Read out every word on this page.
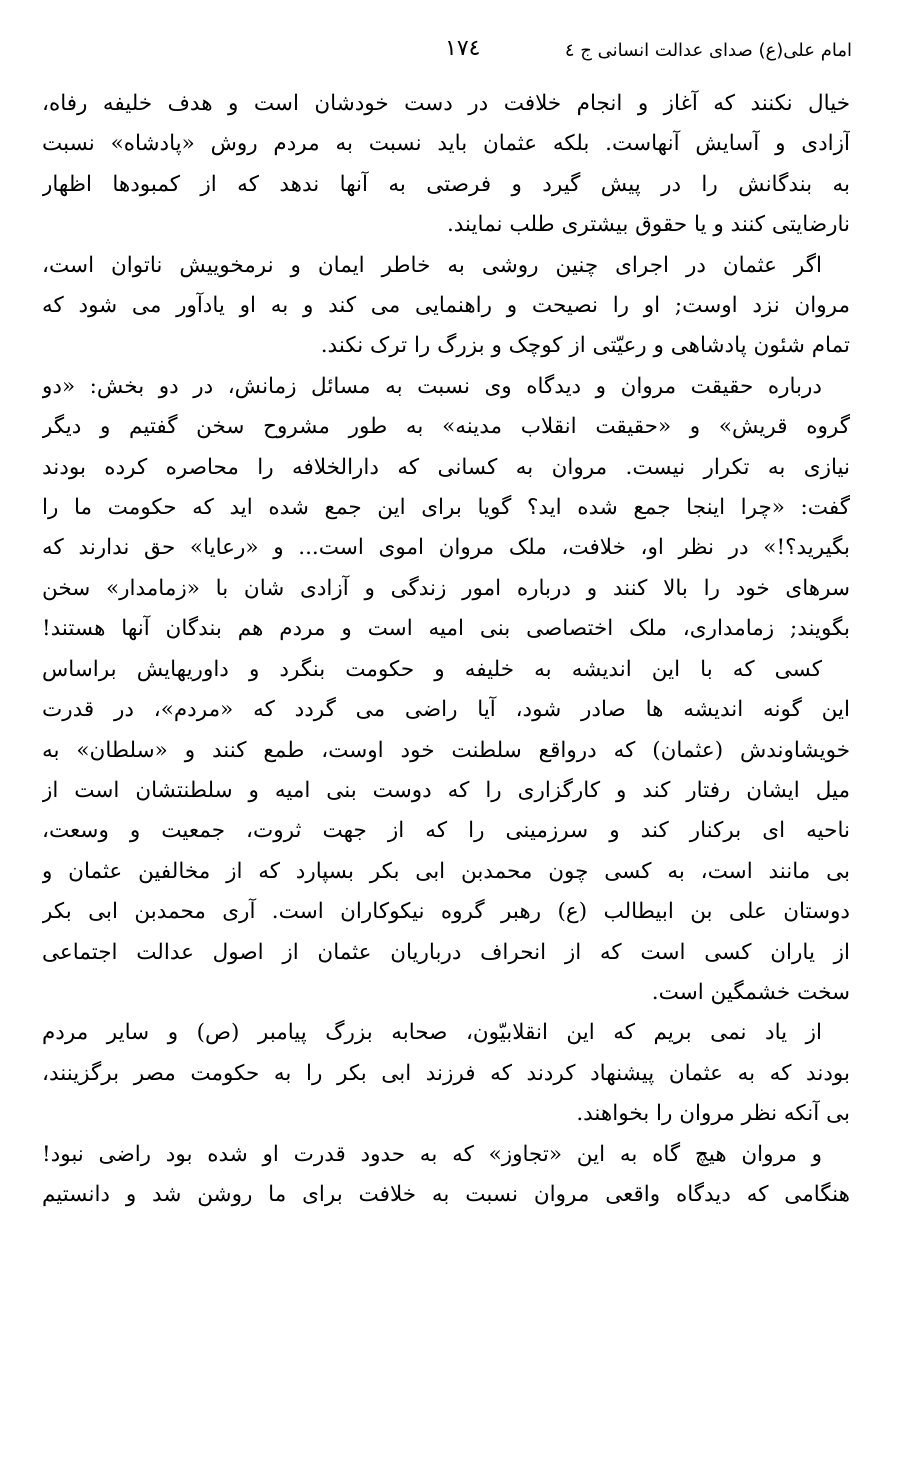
امام علی(ع) صدای عدالت انسانی ج ٤
١٧٤

خیال نکنند که آغاز و انجام خلافت در دست خودشان است و هدف خلیفه رفاه،
آزادی و آسایش آنهاست. بلکه عثمان باید نسبت به مردم روش «پادشاه» نسبت
به بندگانش را در پیش گیرد و فرصتی به آنها ندهد که از کمبودها اظهار
نارضایتی کنند و یا حقوق بیشتری طلب نمایند.

اگر عثمان در اجرای چنین روشی به خاطر ایمان و نرمخوییش ناتوان است،
مروان نزد اوست; او را نصیحت و راهنمایی می کند و به او یادآور می شود که
تمام شئون پادشاهی و رعیّتی از کوچک و بزرگ را ترک نکند.

درباره حقیقت مروان و دیدگاه وی نسبت به مسائل زمانش، در دو بخش: «دو
گروه قریش» و «حقیقت انقلاب مدینه» به طور مشروح سخن گفتیم و دیگر
نیازی به تکرار نیست. مروان به کسانی که دارالخلافه را محاصره کرده بودند
گفت: «چرا اینجا جمع شده اید؟ گویا برای این جمع شده اید که حکومت ما را
بگیرید؟!» در نظر او، خلافت، ملک مروان اموی است... و «رعایا» حق ندارند که
سرهای خود را بالا کنند و درباره امور زندگی و آزادی شان با «زمامدار» سخن
بگویند; زمامداری، ملک اختصاصی بنی امیه است و مردم هم بندگان آنها هستند!

کسی که با این اندیشه به خلیفه و حکومت بنگرد و داوریهایش براساس
این گونه اندیشه ها صادر شود، آیا راضی می گردد که «مردم»، در قدرت
خویشاوندش (عثمان) که درواقع سلطنت خود اوست، طمع کنند و «سلطان» به
میل ایشان رفتار کند و کارگزاری را که دوست بنی امیه و سلطنتشان است از
ناحیه ای برکنار کند و سرزمینی را که از جهت ثروت، جمعیت و وسعت،
بی مانند است، به کسی چون محمدبن ابی بکر بسپارد که از مخالفین عثمان و
دوستان علی بن ابیطالب (ع) رهبر گروه نیکوکاران است. آری محمدبن ابی بکر
از یاران کسی است که از انحراف درباریان عثمان از اصول عدالت اجتماعی
سخت خشمگین است.

از یاد نمی بریم که این انقلابیّون، صحابه بزرگ پیامبر (ص) و سایر مردم
بودند که به عثمان پیشنهاد کردند که فرزند ابی بکر را به حکومت مصر برگزینند،
بی آنکه نظر مروان را بخواهند.

و مروان هیچ گاه به این «تجاوز» که به حدود قدرت او شده بود راضی نبود!
هنگامی که دیدگاه واقعی مروان نسبت به خلافت برای ما روشن شد و دانستیم
